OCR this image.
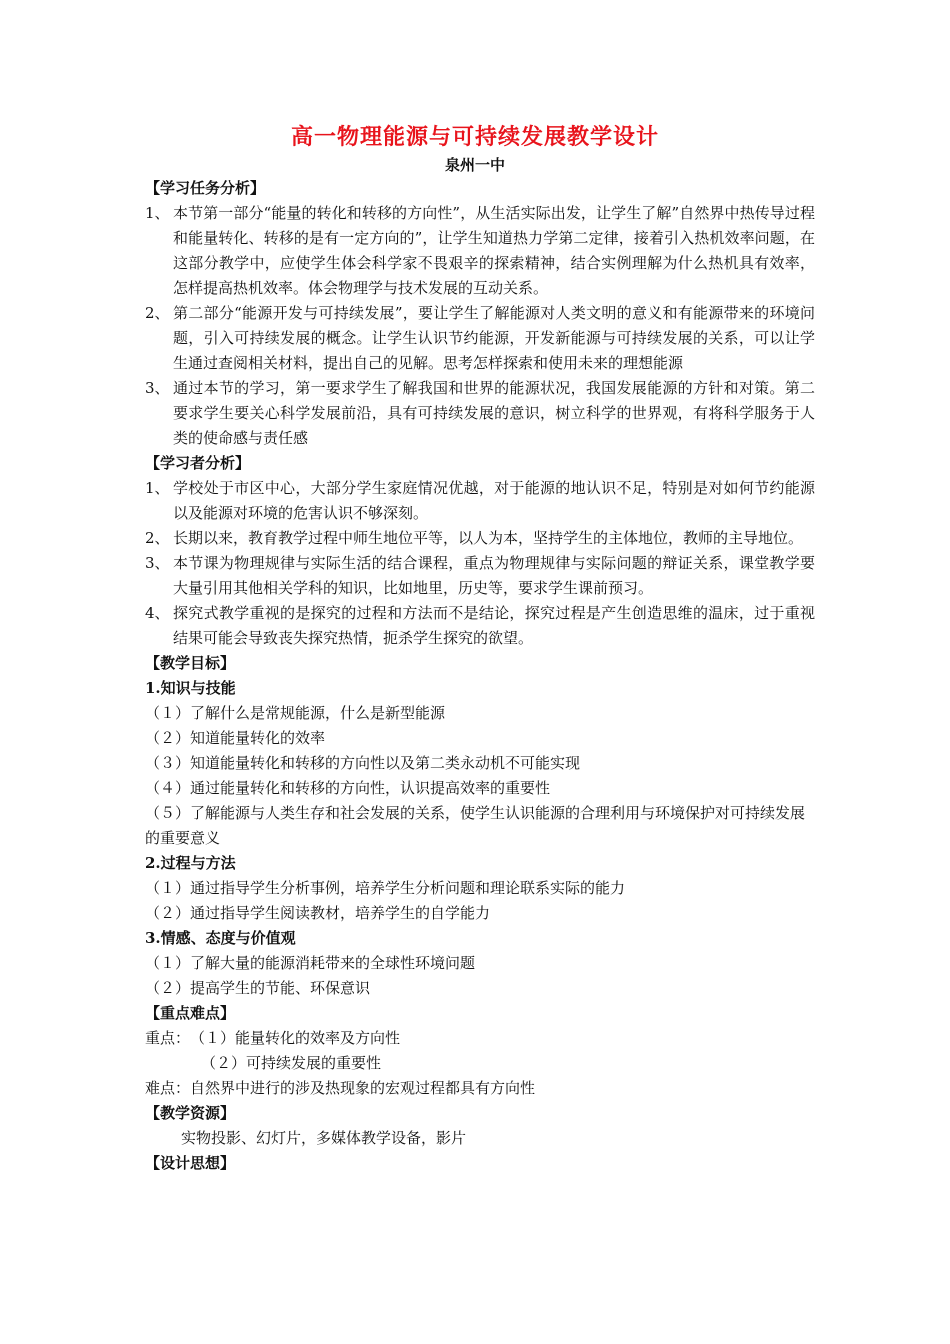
高一物理能源与可持续发展教学设计
泉州一中
【学习任务分析】
1、 本节第一部分“能量的转化和转移的方向性”，从生活实际出发，让学生了解”自然界中热传导过程和能量转化、转移的是有一定方向的”，让学生知道热力学第二定律，接着引入热机效率问题，在这部分教学中，应使学生体会科学家不畏艰辛的探索精神，结合实例理解为什么热机具有效率，怎样提高热机效率。体会物理学与技术发展的互动关系。
2、 第二部分“能源开发与可持续发展”，要让学生了解能源对人类文明的意义和有能源带来的环境问题，引入可持续发展的概念。让学生认识节约能源，开发新能源与可持续发展的关系，可以让学生通过查阅相关材料，提出自己的见解。思考怎样探索和使用未来的理想能源
3、 通过本节的学习，第一要求学生了解我国和世界的能源状况，我国发展能源的方针和对策。第二要求学生要关心科学发展前沿，具有可持续发展的意识，树立科学的世界观，有将科学服务于人类的使命感与责任感
【学习者分析】
1、 学校处于市区中心，大部分学生家庭情况优越，对于能源的地认识不足，特别是对如何节约能源以及能源对环境的危害认识不够深刻。
2、 长期以来，教育教学过程中师生地位平等，以人为本，坚持学生的主体地位，教师的主导地位。
3、 本节课为物理规律与实际生活的结合课程，重点为物理规律与实际问题的辩证关系，课堂教学要大量引用其他相关学科的知识，比如地里，历史等，要求学生课前预习。
4、 探究式教学重视的是探究的过程和方法而不是结论，探究过程是产生创造思维的温床，过于重视结果可能会导致丧失探究热情，扼杀学生探究的欲望。
【教学目标】
1.知识与技能
（１）了解什么是常规能源，什么是新型能源
（２）知道能量转化的效率
（３）知道能量转化和转移的方向性以及第二类永动机不可能实现
（４）通过能量转化和转移的方向性，认识提高效率的重要性
（５）了解能源与人类生存和社会发展的关系，使学生认识能源的合理利用与环境保护对可持续发展的重要意义
2.过程与方法
（１）通过指导学生分析事例，培养学生分析问题和理论联系实际的能力
（２）通过指导学生阅读教材，培养学生的自学能力
3.情感、态度与价值观
（１）了解大量的能源消耗带来的全球性环境问题
（２）提高学生的节能、环保意识
【重点难点】
重点：　（１）能量转化的效率及方向性
（２）可持续发展的重要性
难点：自然界中进行的涉及热现象的宏观过程都具有方向性
【教学资源】
实物投影、幻灯片，多媒体教学设备，影片
【设计思想】
